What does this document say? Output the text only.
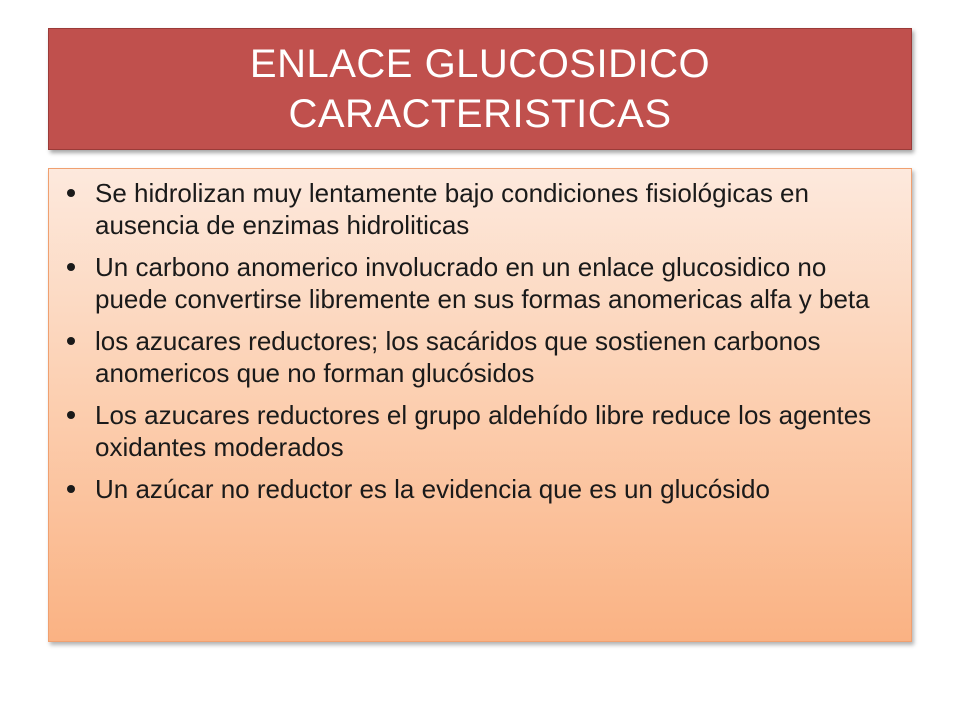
ENLACE GLUCOSIDICO
CARACTERISTICAS
Se hidrolizan muy lentamente bajo condiciones fisiológicas en ausencia de enzimas hidroliticas
Un carbono anomerico involucrado en un enlace glucosidico no puede convertirse libremente en sus formas anomericas alfa y beta
los azucares reductores; los sacáridos que sostienen carbonos anomericos que no forman glucósidos
Los azucares reductores el grupo aldehído libre reduce los agentes oxidantes moderados
Un azúcar no reductor es la evidencia que es un glucósido
